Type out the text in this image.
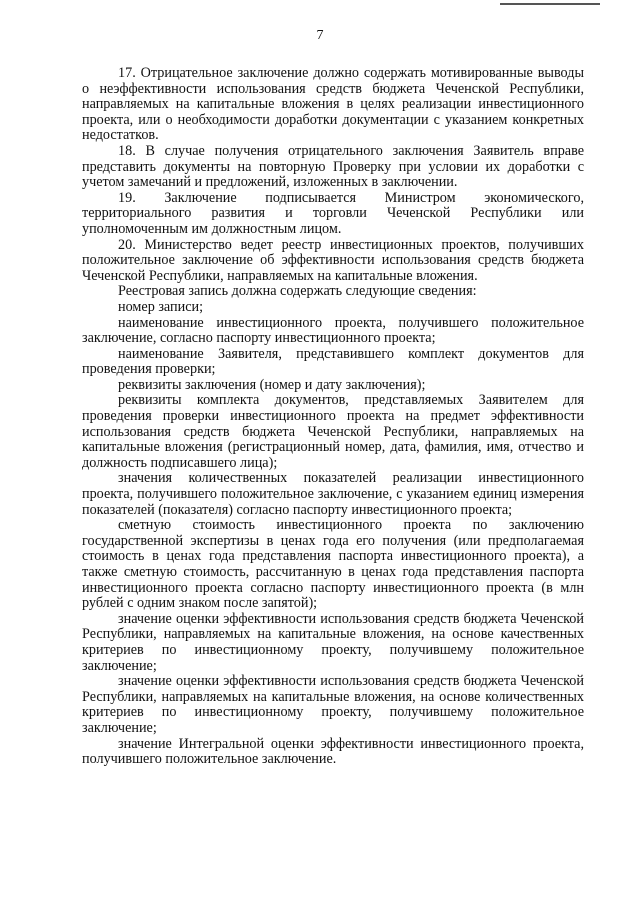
7

17. Отрицательное заключение должно содержать мотивированные выводы о неэффективности использования средств бюджета Чеченской Республики, направляемых на капитальные вложения в целях реализации инвестиционного проекта, или о необходимости доработки документации с указанием конкретных недостатков.

18. В случае получения отрицательного заключения Заявитель вправе представить документы на повторную Проверку при условии их доработки с учетом замечаний и предложений, изложенных в заключении.

19. Заключение подписывается Министром экономического, территориального развития и торговли Чеченской Республики или уполномоченным им должностным лицом.

20. Министерство ведет реестр инвестиционных проектов, получивших положительное заключение об эффективности использования средств бюджета Чеченской Республики, направляемых на капитальные вложения.

Реестровая запись должна содержать следующие сведения:

номер записи;

наименование инвестиционного проекта, получившего положительное заключение, согласно паспорту инвестиционного проекта;

наименование Заявителя, представившего комплект документов для проведения проверки;

реквизиты заключения (номер и дату заключения);

реквизиты комплекта документов, представляемых Заявителем для проведения проверки инвестиционного проекта на предмет эффективности использования средств бюджета Чеченской Республики, направляемых на капитальные вложения (регистрационный номер, дата, фамилия, имя, отчество и должность подписавшего лица);

значения количественных показателей реализации инвестиционного проекта, получившего положительное заключение, с указанием единиц измерения показателей (показателя) согласно паспорту инвестиционного проекта;

сметную стоимость инвестиционного проекта по заключению государственной экспертизы в ценах года его получения (или предполагаемая стоимость в ценах года представления паспорта инвестиционного проекта), а также сметную стоимость, рассчитанную в ценах года представления паспорта инвестиционного проекта согласно паспорту инвестиционного проекта (в млн рублей с одним знаком после запятой);

значение оценки эффективности использования средств бюджета Чеченской Республики, направляемых на капитальные вложения, на основе качественных критериев по инвестиционному проекту, получившему положительное заключение;

значение оценки эффективности использования средств бюджета Чеченской Республики, направляемых на капитальные вложения, на основе количественных критериев по инвестиционному проекту, получившему положительное заключение;

значение Интегральной оценки эффективности инвестиционного проекта, получившего положительное заключение.
